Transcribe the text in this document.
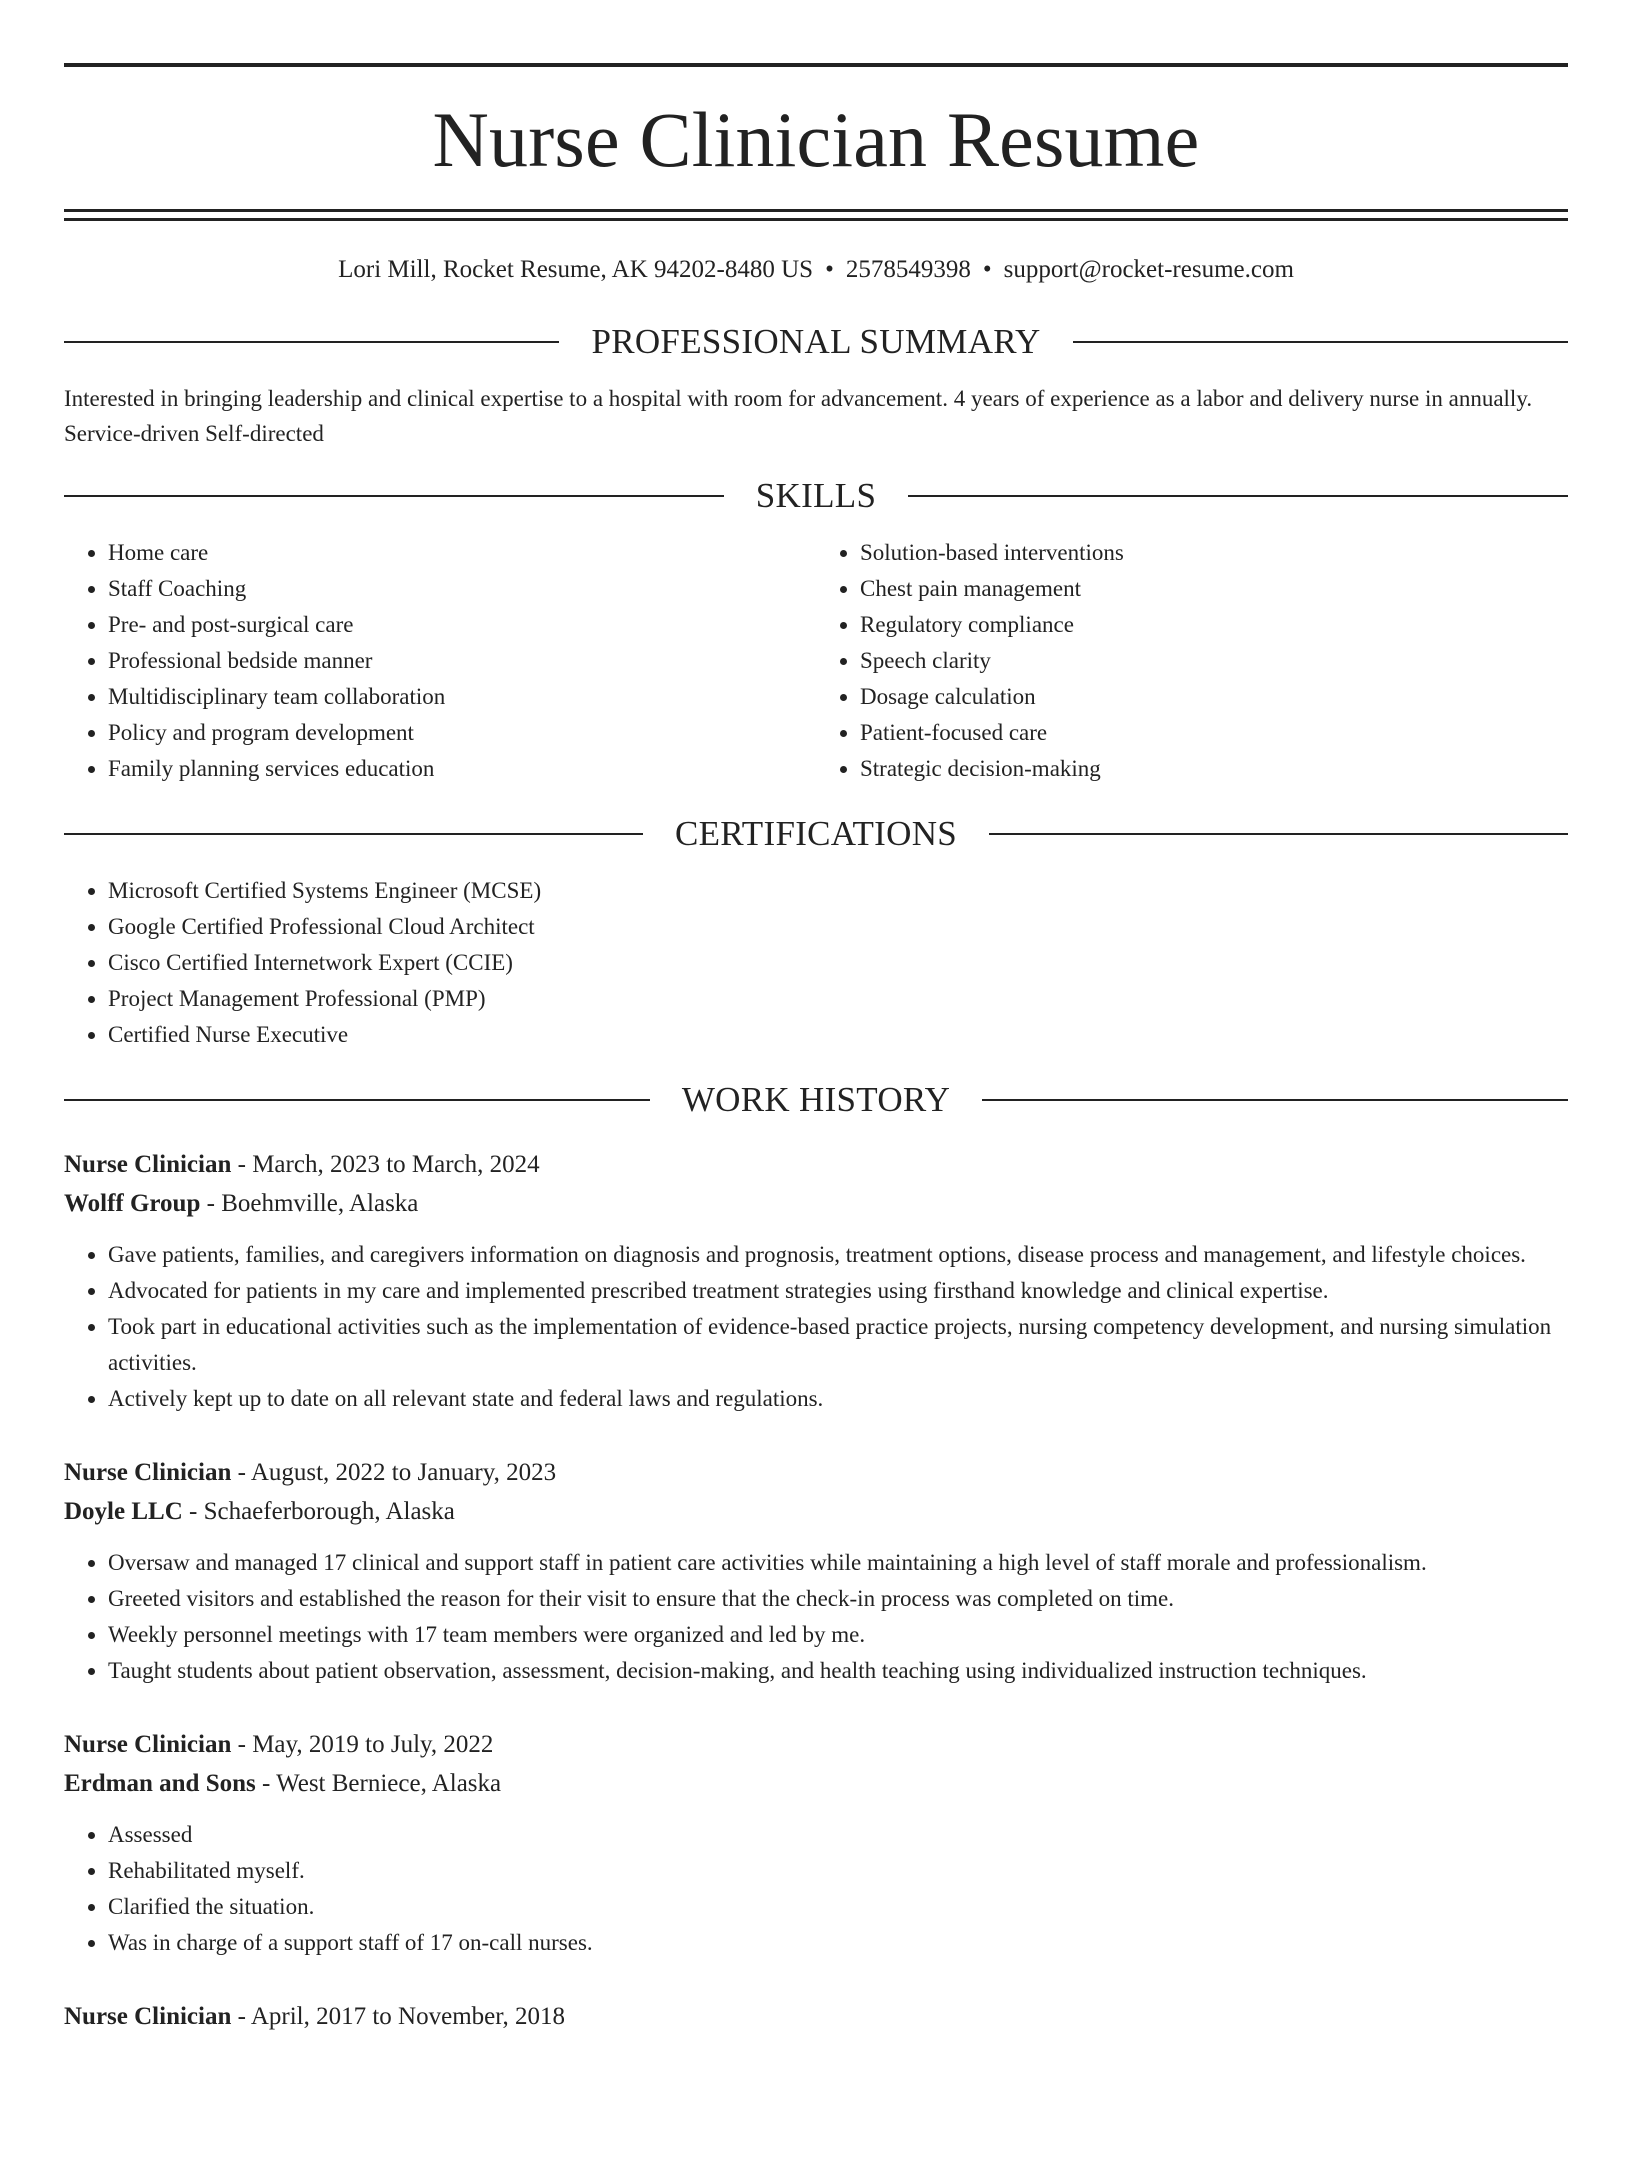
Nurse Clinician Resume
Lori Mill, Rocket Resume, AK 94202-8480 US • 2578549398 • support@rocket-resume.com
PROFESSIONAL SUMMARY
Interested in bringing leadership and clinical expertise to a hospital with room for advancement. 4 years of experience as a labor and delivery nurse in annually. Service-driven Self-directed
SKILLS
• Home care
• Staff Coaching
• Pre- and post-surgical care
• Professional bedside manner
• Multidisciplinary team collaboration
• Policy and program development
• Family planning services education
• Solution-based interventions
• Chest pain management
• Regulatory compliance
• Speech clarity
• Dosage calculation
• Patient-focused care
• Strategic decision-making
CERTIFICATIONS
• Microsoft Certified Systems Engineer (MCSE)
• Google Certified Professional Cloud Architect
• Cisco Certified Internetwork Expert (CCIE)
• Project Management Professional (PMP)
• Certified Nurse Executive
WORK HISTORY
Nurse Clinician - March, 2023 to March, 2024
Wolff Group - Boehmville, Alaska
• Gave patients, families, and caregivers information on diagnosis and prognosis, treatment options, disease process and management, and lifestyle choices.
• Advocated for patients in my care and implemented prescribed treatment strategies using firsthand knowledge and clinical expertise.
• Took part in educational activities such as the implementation of evidence-based practice projects, nursing competency development, and nursing simulation activities.
• Actively kept up to date on all relevant state and federal laws and regulations.
Nurse Clinician - August, 2022 to January, 2023
Doyle LLC - Schaeferborough, Alaska
• Oversaw and managed 17 clinical and support staff in patient care activities while maintaining a high level of staff morale and professionalism.
• Greeted visitors and established the reason for their visit to ensure that the check-in process was completed on time.
• Weekly personnel meetings with 17 team members were organized and led by me.
• Taught students about patient observation, assessment, decision-making, and health teaching using individualized instruction techniques.
Nurse Clinician - May, 2019 to July, 2022
Erdman and Sons - West Berniece, Alaska
• Assessed
• Rehabilitated myself.
• Clarified the situation.
• Was in charge of a support staff of 17 on-call nurses.
Nurse Clinician - April, 2017 to November, 2018
